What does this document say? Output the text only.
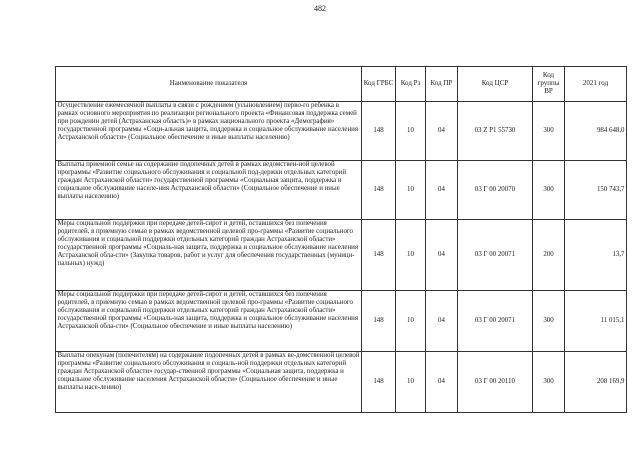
482
Наименование показателя	Код ГРБС	Код Рз	Код ПР	Код ЦСР	Код группы ВР	2021 год
Осуществление ежемесячной выплаты в связи с рождением (усыновлением) перво-го ребенка в рамках основного мероприятия по реализации регионального проекта «Финансовая поддержка семей при рождении детей (Астраханская область)» в рамках национального проекта «Демография» государственной программы «Соци-альная защита, поддержка и социальное обслуживание населения Астраханской области» (Социальное обеспечение и иные выплаты населению)	148	10	04	03 Z P1 55730	300	984 648,0
Выплаты приемной семье на содержание подопечных детей в рамках ведомствен-ной целевой программы «Развитие социального обслуживания и социальной под-держки отдельных категорий граждан Астраханской области» государственной программы «Социальная защита, поддержка и социальное обслуживание населе-ния Астраханской области» (Социальное обеспечение и иные выплаты населению)	148	10	04	03 Г 00 20070	300	150 743,7
Меры социальной поддержки при передаче детей-сирот и детей, оставшихся без попечения родителей, в приемную семью в рамках ведомственной целевой про-граммы «Развитие социального обслуживания и социальной поддержки отдельных категорий граждан Астраханской области» государственной программы «Социаль-ная защита, поддержка и социальное обслуживание населения Астраханской обла-сти» (Закупка товаров, работ и услуг для обеспечения государственных (муници-пальных) нужд)	148	10	04	03 Г 00 20071	200	13,7
Меры социальной поддержки при передаче детей-сирот и детей, оставшихся без попечения родителей, в приемную семью в рамках ведомственной целевой про-граммы «Развитие социального обслуживания и социальной поддержки отдельных категорий граждан Астраханской области» государственной программы «Социаль-ная защита, поддержка и социальное обслуживание населения Астраханской обла-сти» (Социальное обеспечение и иные выплаты населению)	148	10	04	03 Г 00 20071	300	11 015,1
Выплаты опекунам (попечителям) на содержание подопечных детей в рамках ве-домственной целевой программы «Развитие социального обслуживания и социаль-ной поддержки отдельных категорий граждан Астраханской области» государ-ственной программы «Социальная защита, поддержка и социальное обслуживание населения Астраханской области» (Социальное обеспечение и иные выплаты насе-лению)	148	10	04	03 Г 00 20110	300	208 169,9
